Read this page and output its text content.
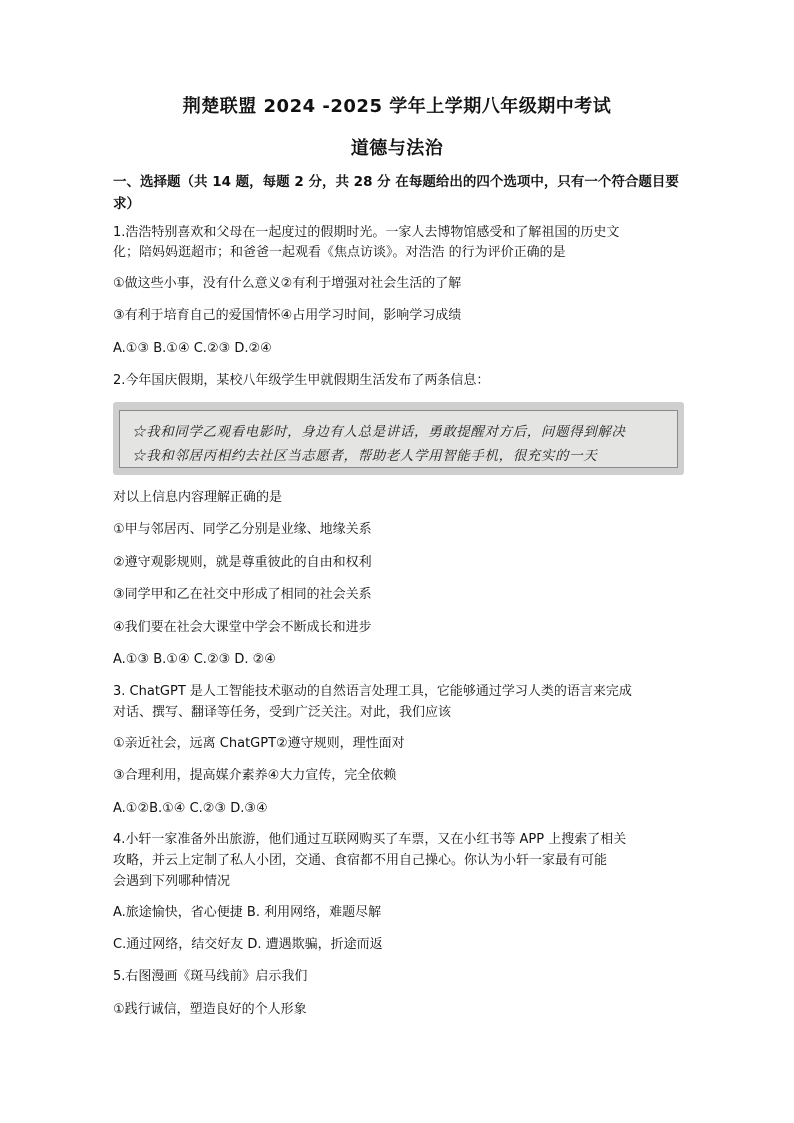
荆楚联盟 2024 -2025 学年上学期八年级期中考试
道德与法治
一、选择题（共 14 题，每题 2 分，共 28 分 在每题给出的四个选项中，只有一个符合题目要求）
1.浩浩特别喜欢和父母在一起度过的假期时光。一家人去博物馆感受和了解祖国的历史文
化；陪妈妈逛超市；和爸爸一起观看《焦点访谈》。对浩浩 的行为评价正确的是
①做这些小事，没有什么意义②有利于增强对社会生活的了解
③有利于培育自己的爱国情怀④占用学习时间，影响学习成绩
A.①③ B.①④ C.②③ D.②④
2.今年国庆假期，某校八年级学生甲就假期生活发布了两条信息：
☆我和同学乙观看电影时，身边有人总是讲话，勇敢提醒对方后，问题得到解决
☆我和邻居丙相约去社区当志愿者，帮助老人学用智能手机，很充实的一天
对以上信息内容理解正确的是
①甲与邻居丙、同学乙分别是业缘、地缘关系
②遵守观影规则，就是尊重彼此的自由和权利
③同学甲和乙在社交中形成了相同的社会关系
④我们要在社会大课堂中学会不断成长和进步
A.①③ B.①④ C.②③ D. ②④
3. ChatGPT 是人工智能技术驱动的自然语言处理工具，它能够通过学习人类的语言来完成
对话、撰写、翻译等任务，受到广泛关注。对此，我们应该
①亲近社会，远离 ChatGPT②遵守规则，理性面对
③合理利用，提高媒介素养④大力宣传，完全依赖
A.①②B.①④ C.②③ D.③④
4.小轩一家准备外出旅游，他们通过互联网购买了车票，又在小红书等 APP 上搜索了相关
攻略，并云上定制了私人小团，交通、食宿都不用自己操心。你认为小轩一家最有可能
会遇到下列哪种情况
A.旅途愉快，省心便捷 B. 利用网络，难题尽解
C.通过网络，结交好友 D. 遭遇欺骗，折途而返
5.右图漫画《斑马线前》启示我们
①践行诚信，塑造良好的个人形象
